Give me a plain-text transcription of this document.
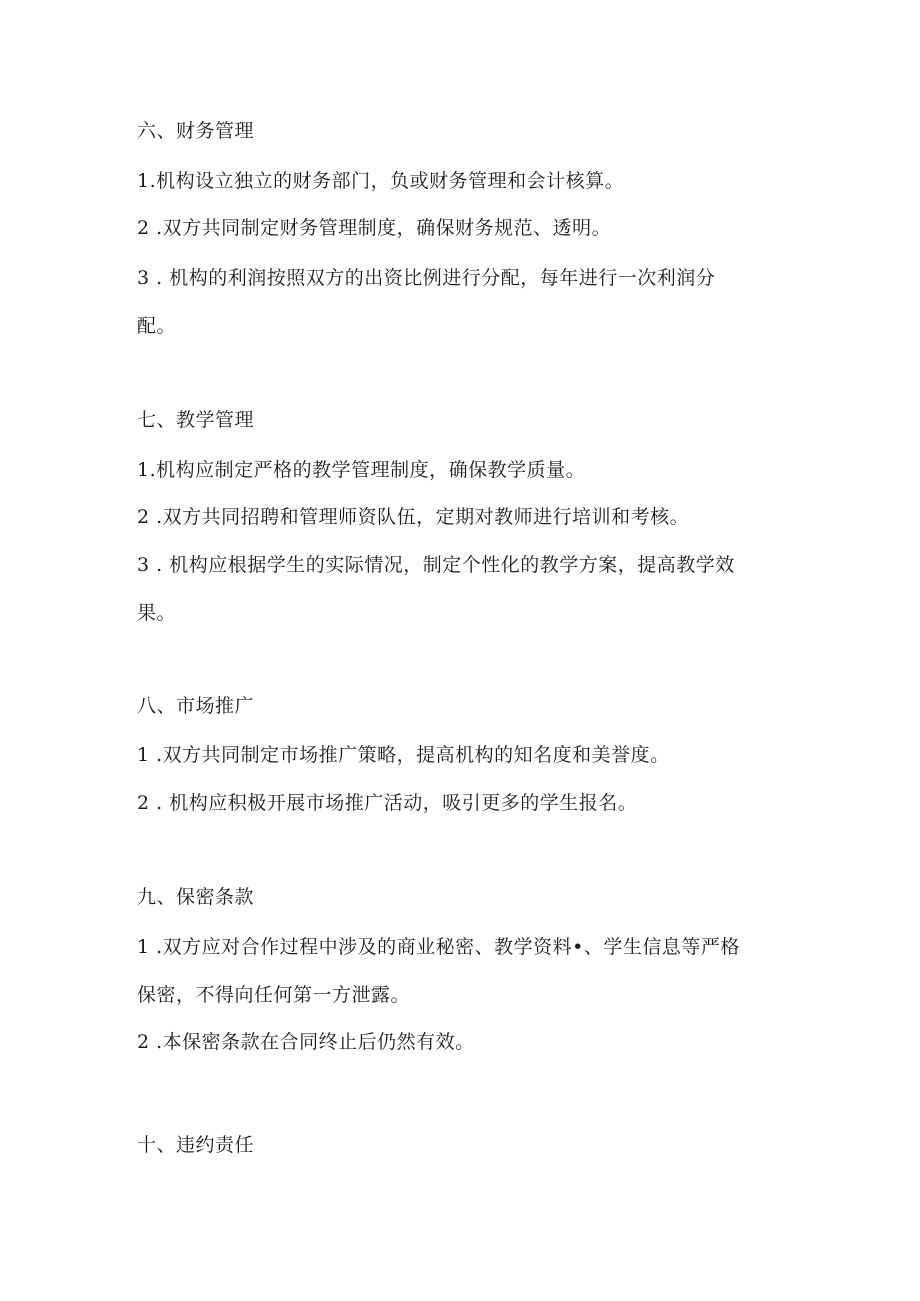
六、财务管理
1.机构设立独立的财务部门，负或财务管理和会计核算。
2 .双方共同制定财务管理制度，确保财务规范、透明。
3 . 机构的利润按照双方的出资比例进行分配，每年进行一次利润分
配。
七、教学管理
1.机构应制定严格的教学管理制度，确保教学质量。
2 .双方共同招聘和管理师资队伍，定期对教师进行培训和考核。
3 . 机构应根据学生的实际情况，制定个性化的教学方案，提高教学效
果。
八、市场推广
1 .双方共同制定市场推广策略，提高机构的知名度和美誉度。
2 . 机构应积极开展市场推广活动，吸引更多的学生报名。
九、保密条款
1 .双方应对合作过程中涉及的商业秘密、教学资料•、学生信息等严格
保密，不得向任何第一方泄露。
2 .本保密条款在合同终止后仍然有效。
十、违约责任
